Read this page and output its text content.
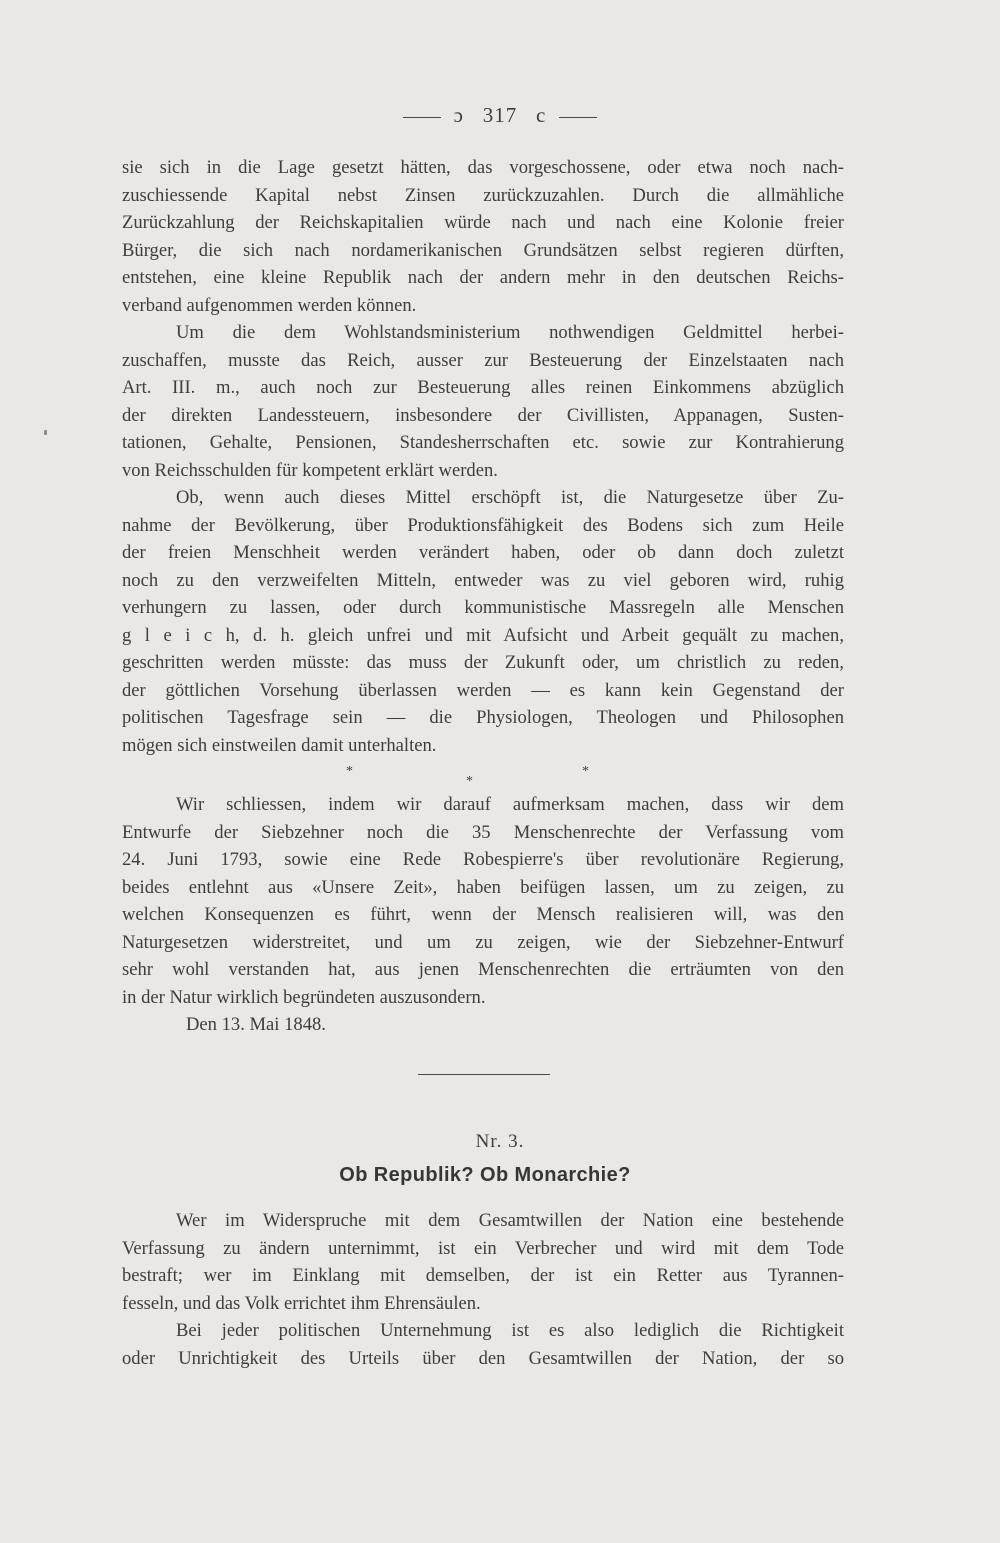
ɔ 317 c
sie sich in die Lage gesetzt hätten, das vorgeschossene, oder etwa noch nach-
zuschiessende Kapital nebst Zinsen zurückzuzahlen. Durch die allmähliche
Zurückzahlung der Reichskapitalien würde nach und nach eine Kolonie freier
Bürger, die sich nach nordamerikanischen Grundsätzen selbst regieren dürften,
entstehen, eine kleine Republik nach der andern mehr in den deutschen Reichs-
verband aufgenommen werden können.
Um die dem Wohlstandsministerium nothwendigen Geldmittel herbei-
zuschaffen, musste das Reich, ausser zur Besteuerung der Einzelstaaten nach
Art. III. m., auch noch zur Besteuerung alles reinen Einkommens abzüglich
der direkten Landessteuern, insbesondere der Civillisten, Appanagen, Susten-
tationen, Gehalte, Pensionen, Standesherrschaften etc. sowie zur Kontrahierung
von Reichsschulden für kompetent erklärt werden.
Ob, wenn auch dieses Mittel erschöpft ist, die Naturgesetze über Zu-
nahme der Bevölkerung, über Produktionsfähigkeit des Bodens sich zum Heile
der freien Menschheit werden verändert haben, oder ob dann doch zuletzt
noch zu den verzweifelten Mitteln, entweder was zu viel geboren wird, ruhig
verhungern zu lassen, oder durch kommunistische Massregeln alle Menschen
g l e i c h, d. h. gleich unfrei und mit Aufsicht und Arbeit gequält zu machen,
geschritten werden müsste: das muss der Zukunft oder, um christlich zu reden,
der göttlichen Vorsehung überlassen werden — es kann kein Gegenstand der
politischen Tagesfrage sein — die Physiologen, Theologen und Philosophen
mögen sich einstweilen damit unterhalten.
*
*
*
Wir schliessen, indem wir darauf aufmerksam machen, dass wir dem
Entwurfe der Siebzehner noch die 35 Menschenrechte der Verfassung vom
24. Juni 1793, sowie eine Rede Robespierre's über revolutionäre Regierung,
beides entlehnt aus «Unsere Zeit», haben beifügen lassen, um zu zeigen, zu
welchen Konsequenzen es führt, wenn der Mensch realisieren will, was den
Naturgesetzen widerstreitet, und um zu zeigen, wie der Siebzehner-Entwurf
sehr wohl verstanden hat, aus jenen Menschenrechten die erträumten von den
in der Natur wirklich begründeten auszusondern.
Den 13. Mai 1848.
Nr. 3.
Ob Republik? Ob Monarchie?
Wer im Widerspruche mit dem Gesamtwillen der Nation eine bestehende
Verfassung zu ändern unternimmt, ist ein Verbrecher und wird mit dem Tode
bestraft; wer im Einklang mit demselben, der ist ein Retter aus Tyrannen-
fesseln, und das Volk errichtet ihm Ehrensäulen.
Bei jeder politischen Unternehmung ist es also lediglich die Richtigkeit
oder Unrichtigkeit des Urteils über den Gesamtwillen der Nation, der so
